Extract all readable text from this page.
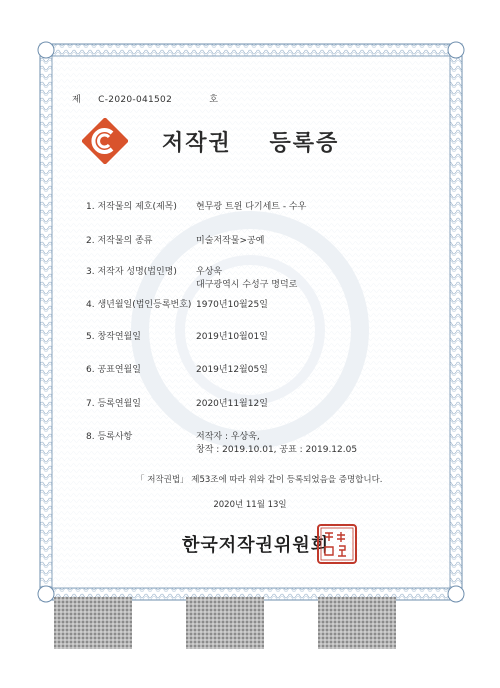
제 C-2020-041502	호
저작권 등록증
1. 저작물의 제호(제목) 현무광 트윈 다기세트 - 수우
2. 저작물의 종류	미술저작물>공예
3. 저작자 성명(법인명) 우상욱
대구광역시 수성구 명덕로
4. 생년월일(법인등록번호) 1970년10월25일
5. 창작연월일	2019년10월01일
6. 공표연월일	2019년12월05일
7. 등록연월일	2020년11월12일
8. 등록사항	저작자 : 우상욱,
창작 : 2019.10.01, 공표 : 2019.12.05
「 저작권법」 제53조에 따라 위와 같이 등록되었음을 증명합니다.
2020년 11월 13일
한국저작권위원회
